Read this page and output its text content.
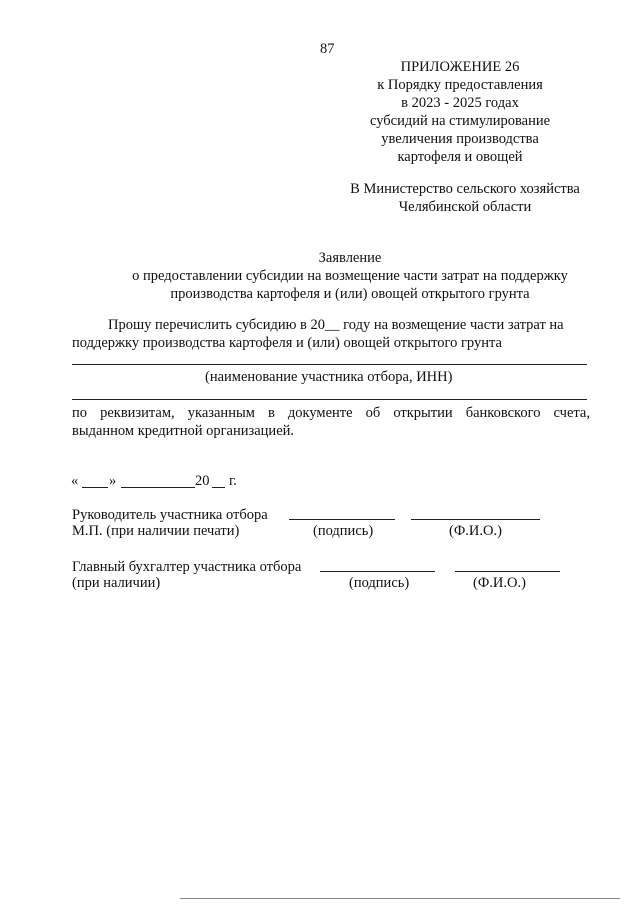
87
ПРИЛОЖЕНИЕ 26
к Порядку предоставления
в 2023 - 2025 годах
субсидий на стимулирование
увеличения производства
картофеля и овощей
В Министерство сельского хозяйства
Челябинской области
Заявление
о предоставлении субсидии на возмещение части затрат на поддержку
производства картофеля и (или) овощей открытого грунта
Прошу перечислить субсидию в 20__ году на возмещение части затрат на
поддержку производства картофеля и (или) овощей открытого грунта
(наименование участника отбора, ИНН)
по реквизитам, указанным в документе об открытии банковского счета,
выданном кредитной организацией.
« »	20 г.
Руководитель участника отбора
М.П. (при наличии печати)	(подпись)	(Ф.И.О.)
Главный бухгалтер участника отбора
(при наличии)	(подпись)	(Ф.И.О.)
